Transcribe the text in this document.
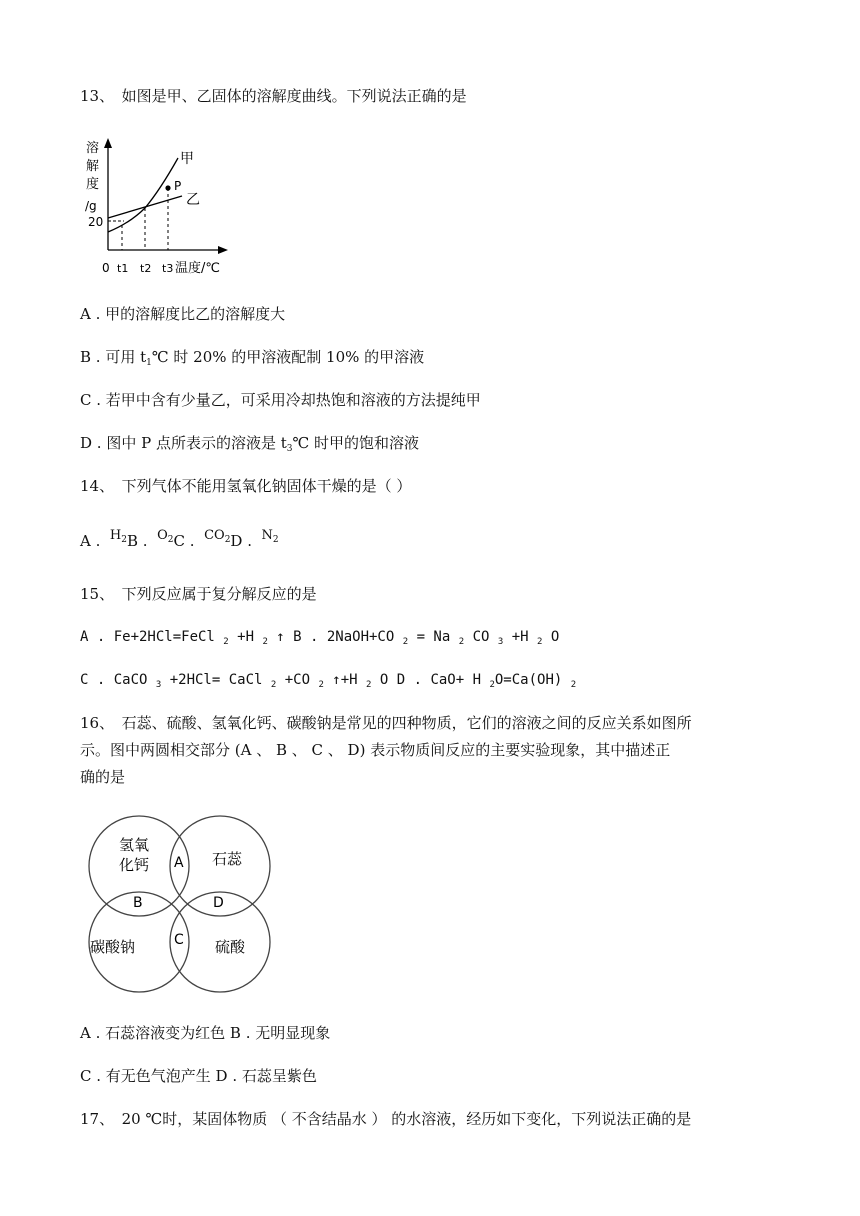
13、　如图是甲、乙固体的溶解度曲线。下列说法正确的是
溶
解
度
/g
20
P
甲
乙
0 t1 t2 t3 温度/℃
A . 甲的溶解度比乙的溶解度大
B . 可用 $t_1℃$ 时 20% 的甲溶液配制 10% 的甲溶液
C . 若甲中含有少量乙，可采用冷却热饱和溶液的方法提纯甲
D . 图中 P 点所表示的溶液是 $t_3℃$ 时甲的饱和溶液
14、　下列气体不能用氢氧化钠固体干燥的是（ ）
A . $H_2B$ . $O_2C$ . $CO_2D$ . $N_2$
15、　下列反应属于复分解反应的是
A . Fe+2HCl=FeCl $_2$ +H $_2$ ↑ B . 2NaOH+CO $_2$ = Na $_2$ CO $_3$ +H $_2$ O
C . CaCO $_3$ +2HCl= CaCl $_2$ +CO $_2$ ↑+H $_2$ O D . CaO+ H $_2$O=Ca(OH) $_2$
16、　石蕊、硫酸、氢氧化钙、碳酸钠是常见的四种物质，它们的溶液之间的反应关系如图所
示。图中两圆相交部分 (A 、 B 、 C 、 D) 表示物质间反应的主要实验现象，其中描述正
确的是
氢氧
化钙	石蕊
碳酸钠	硫酸
A
B	D
C
A . 石蕊溶液变为红色 B . 无明显现象
C . 有无色气泡产生 D . 石蕊呈紫色
17、　20 ℃时，某固体物质 （ 不含结晶水 ） 的水溶液，经历如下变化，下列说法正确的是
